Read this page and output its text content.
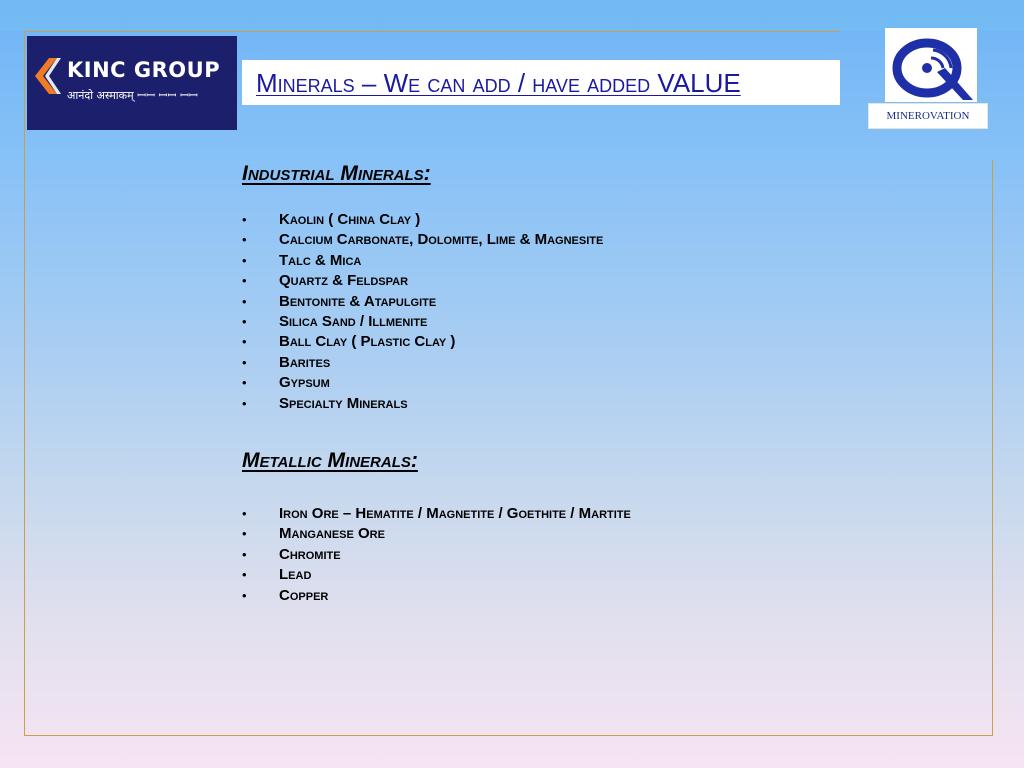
KINC GROUP
आनंदो अस्माकम् ꟷꟷ ꟷꟷ ꟷꟷ Minerals – We can add / have added VALUE
MINEROVATION
Industrial Minerals:
• Kaolin ( China Clay )
• Calcium Carbonate, Dolomite, Lime & Magnesite
• Talc & Mica
• Quartz & Feldspar
• Bentonite & Atapulgite
• Silica Sand / Illmenite
• Ball Clay ( Plastic Clay )
• Barites
• Gypsum
• Specialty Minerals
Metallic Minerals:
• Iron Ore – Hematite / Magnetite / Goethite / Martite
• Manganese Ore
• Chromite
• Lead
• Copper
